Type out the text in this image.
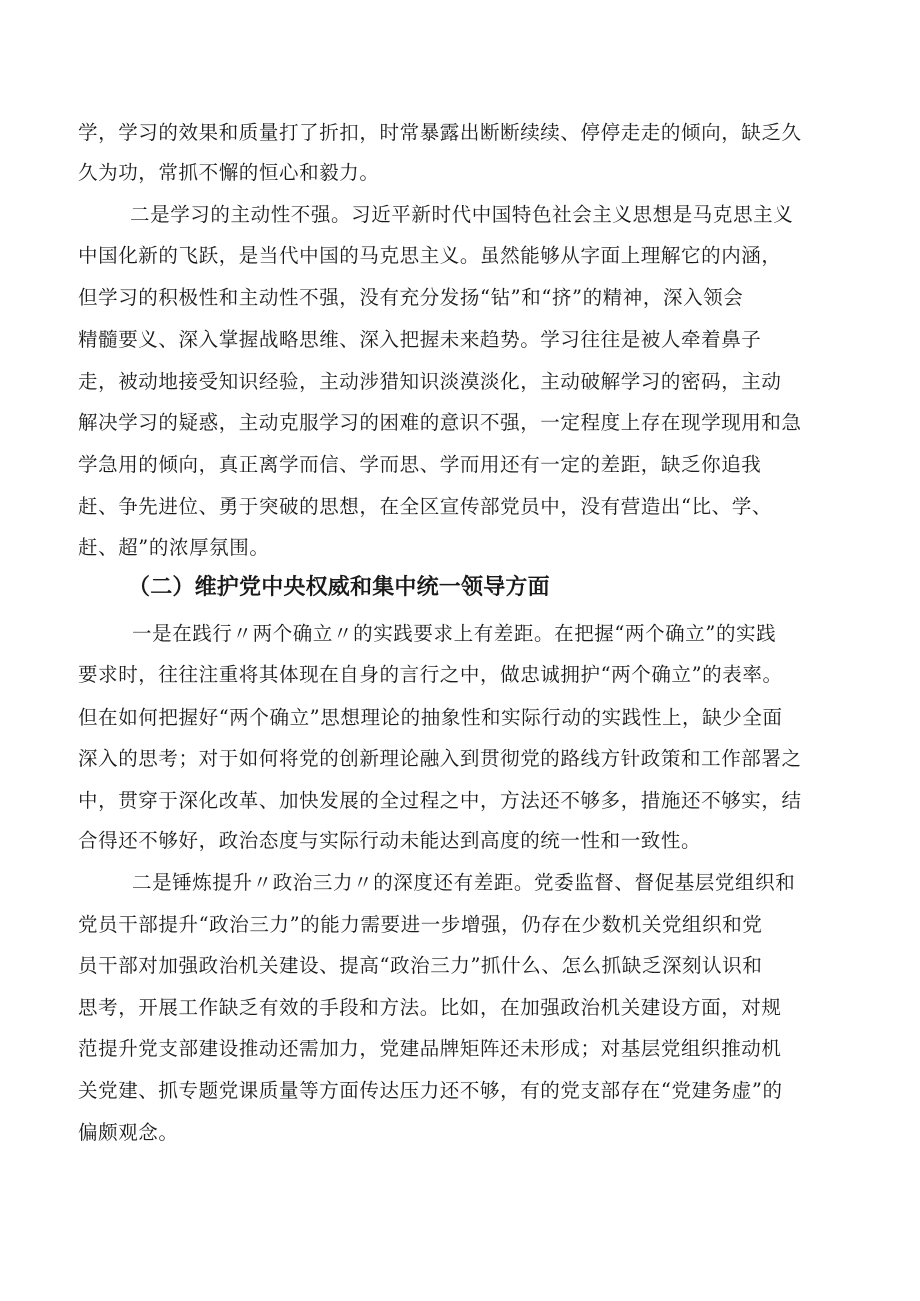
学，学习的效果和质量打了折扣，时常暴露出断断续续、停停走走的倾向，缺乏久
久为功，常抓不懈的恒心和毅力。
二是学习的主动性不强。习近平新时代中国特色社会主义思想是马克思主义
中国化新的飞跃，是当代中国的马克思主义。虽然能够从字面上理解它的内涵，
但学习的积极性和主动性不强，没有充分发扬“钻”和“挤”的精神，深入领会
精髓要义、深入掌握战略思维、深入把握未来趋势。学习往往是被人牵着鼻子
走，被动地接受知识经验，主动涉猎知识淡漠淡化，主动破解学习的密码，主动
解决学习的疑惑，主动克服学习的困难的意识不强，一定程度上存在现学现用和急
学急用的倾向，真正离学而信、学而思、学而用还有一定的差距，缺乏你追我
赶、争先进位、勇于突破的思想，在全区宣传部党员中，没有营造出“比、学、
赶、超”的浓厚氛围。
（二）维护党中央权威和集中统一领导方面
一是在践行〃两个确立〃的实践要求上有差距。在把握“两个确立”的实践
要求时，往往注重将其体现在自身的言行之中，做忠诚拥护“两个确立”的表率。
但在如何把握好“两个确立”思想理论的抽象性和实际行动的实践性上，缺少全面
深入的思考；对于如何将党的创新理论融入到贯彻党的路线方针政策和工作部署之
中，贯穿于深化改革、加快发展的全过程之中，方法还不够多，措施还不够实，结
合得还不够好，政治态度与实际行动未能达到高度的统一性和一致性。
二是锤炼提升〃政治三力〃的深度还有差距。党委监督、督促基层党组织和
党员干部提升“政治三力”的能力需要进一步增强，仍存在少数机关党组织和党
员干部对加强政治机关建设、提高“政治三力”抓什么、怎么抓缺乏深刻认识和
思考，开展工作缺乏有效的手段和方法。比如，在加强政治机关建设方面，对规
范提升党支部建设推动还需加力，党建品牌矩阵还未形成；对基层党组织推动机
关党建、抓专题党课质量等方面传达压力还不够，有的党支部存在“党建务虚”的
偏颇观念。
